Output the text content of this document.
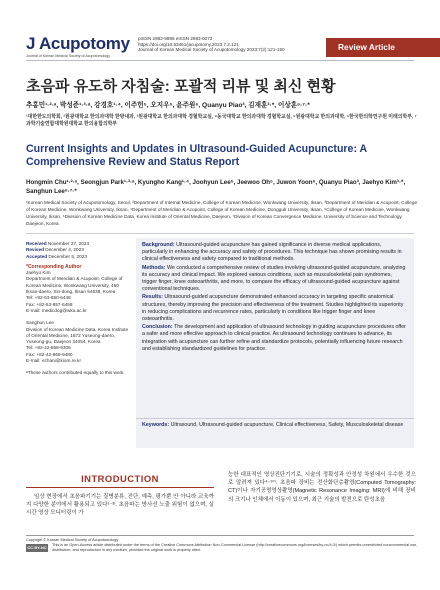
J Acupotomy
Journal of Korean Medical Society of Acupotomology
pISSN 2982-9895 eISSN 2983-0273
https://doi.org/10.53461/jacupotomy.2023.7.2.121
Journal of Korean Medical Society of Acupotomology 2023;7(2):121-150	Review Article
초음파 유도하 자침술: 포괄적 리뷰 및 최신 현황
추홍민¹·²·ᵃ, 박성준¹·³·ᵃ, 강경호¹·⁴, 이주헌⁵, 오지우⁵, 윤주원⁶, Quanyu Piao³, 김재훈³·*, 이상훈⁶·⁷·*
¹대한한도의학회, ²원광대학교 한의과대학 한방내과, ³원광대학교 한의과대학 경혈학교실, ⁴동국대학교 한의과대학 경혈학교실, ⁵원광대학교 한의과대학, ⁶한국한의학연구원 미래의학부, ⁷과학기술연합대학원대학교 한의융합의학부
Current Insights and Updates in Ultrasound-Guided Acupuncture: A Comprehensive Review and Status Report
Hongmin Chu¹·²·ᵃ, Seongjun Park¹·³·ᵃ, Kyungho Kang¹·⁴, Joohyun Lee⁵, Jeewoo Oh⁵, Juwon Yoon⁶, Quanyu Piao³, Jaehyo Kim³·*, Sanghun Lee⁶·⁷·*
¹Korean Medical Society of Acupotomology, Seoul, ²Department of Internal Medicine, College of Korean Medicine, Wonkwang University, Iksan, ³Department of Meridian & Acupoint, College of Korean Medicine, Wonkwang University, Iksan, ⁴Department of Meridian & Acupoint, College of Korean Medicine, Dongguk University, Iksan, ⁵College of Korean Medicine, Wonkwang University, Iksan, ⁶Division of Korean Medicine Data, Korea Institute of Oriental Medicine, Daejeon, ⁷Division of Korean Convergence Medicine, University of Science and Technology, Daejeon, Korea
Received November 27, 2023
Revised December 4, 2023
Accepted December 5, 2023
*Corresponding Author
Jaehyo Kim
Department of Meridian & Acupoint, College of Korean Medicine, Wonkwang University, 460 Iksan-daero, Sin-dong, Iksan 54538, Korea
Tel: +82-63-850-6448
Fax: +82-63-857-6458
E-mail: medicdog@wku.ac.kr
Sanghun Lee
Division of Korean Medicine Data, Korea Institute of Oriental Medicine, 1672 Yuseong-daero, Yuseong-gu, Daejeon 34054, Korea
Tel: +82-42-868-9306
Fax: +82-42-869-9480
E-mail: ezhani@kiom.re.kr
ᵃThese authors contributed equally to this work.

Background: Ultrasound-guided acupuncture has gained significance in diverse medical applications, particularly in enhancing the accuracy and safety of procedures. This technique has shown promising results in clinical effectiveness and safety compared to traditional methods.

Methods: We conducted a comprehensive review of studies involving ultrasound-guided acupuncture, analyzing its accuracy and clinical impact. We explored various conditions, such as musculoskeletal pain syndromes, trigger finger, knee osteoarthritis, and more, to compare the efficacy of ultrasound-guided acupuncture against conventional techniques.

Results: Ultrasound-guided acupuncture demonstrated enhanced accuracy in targeting specific anatomical structures, thereby improving the precision and effectiveness of the treatment. Studies highlighted its superiority in reducing complications and recurrence rates, particularly in conditions like trigger finger and knee osteoarthritis.

Conclusion: The development and application of ultrasound technology in guiding acupuncture procedures offer a safer and more effective approach to clinical practice. As ultrasound technology continues to advance, its integration with acupuncture can further refine and standardize protocols, potentially influencing future research and establishing standardized guidelines for practice.

Keywords: Ultrasound, Ultrasound-guided acupuncture, Clinical effectiveness, Safety, Musculoskeletal disease
INTRODUCTION
임상 현장에서 초음파기기는 질병분류, 진단, 예측, 평가뿐 안 아니라 교육까지 다양한 분야에서 활용되고 있다¹⁻³⁾. 초음파는 방사선 노출 위험이 없으며, 실시간 영상 모니터링이 가
능한 대표적인 영상진단기기로, 시술의 정확성과 안정성 차원에서 우수한 것으로 알려져 있다⁴⁻¹⁰⁾. 초음파 장비는 전산화단층촬영(Computed Tomography: CT)이나 자기공명영상촬영(Magnetic Resonance Imaging: MRI)에 비해 장비의 크기나 인체에서 이동이 있으며, 최근 기술의 발전으로 탄성초음
Copyright © Korean Medical Society of Acupotomology
CC BY-NC This is an Open-Access article distributed under the terms of the Creative Commons Attribution Non-Commercial License (http://creativecommons.org/licenses/by-nc/4.0/) which permits unrestricted noncommercial use, distribution, and reproduction in any medium, provided the original work is properly cited.
